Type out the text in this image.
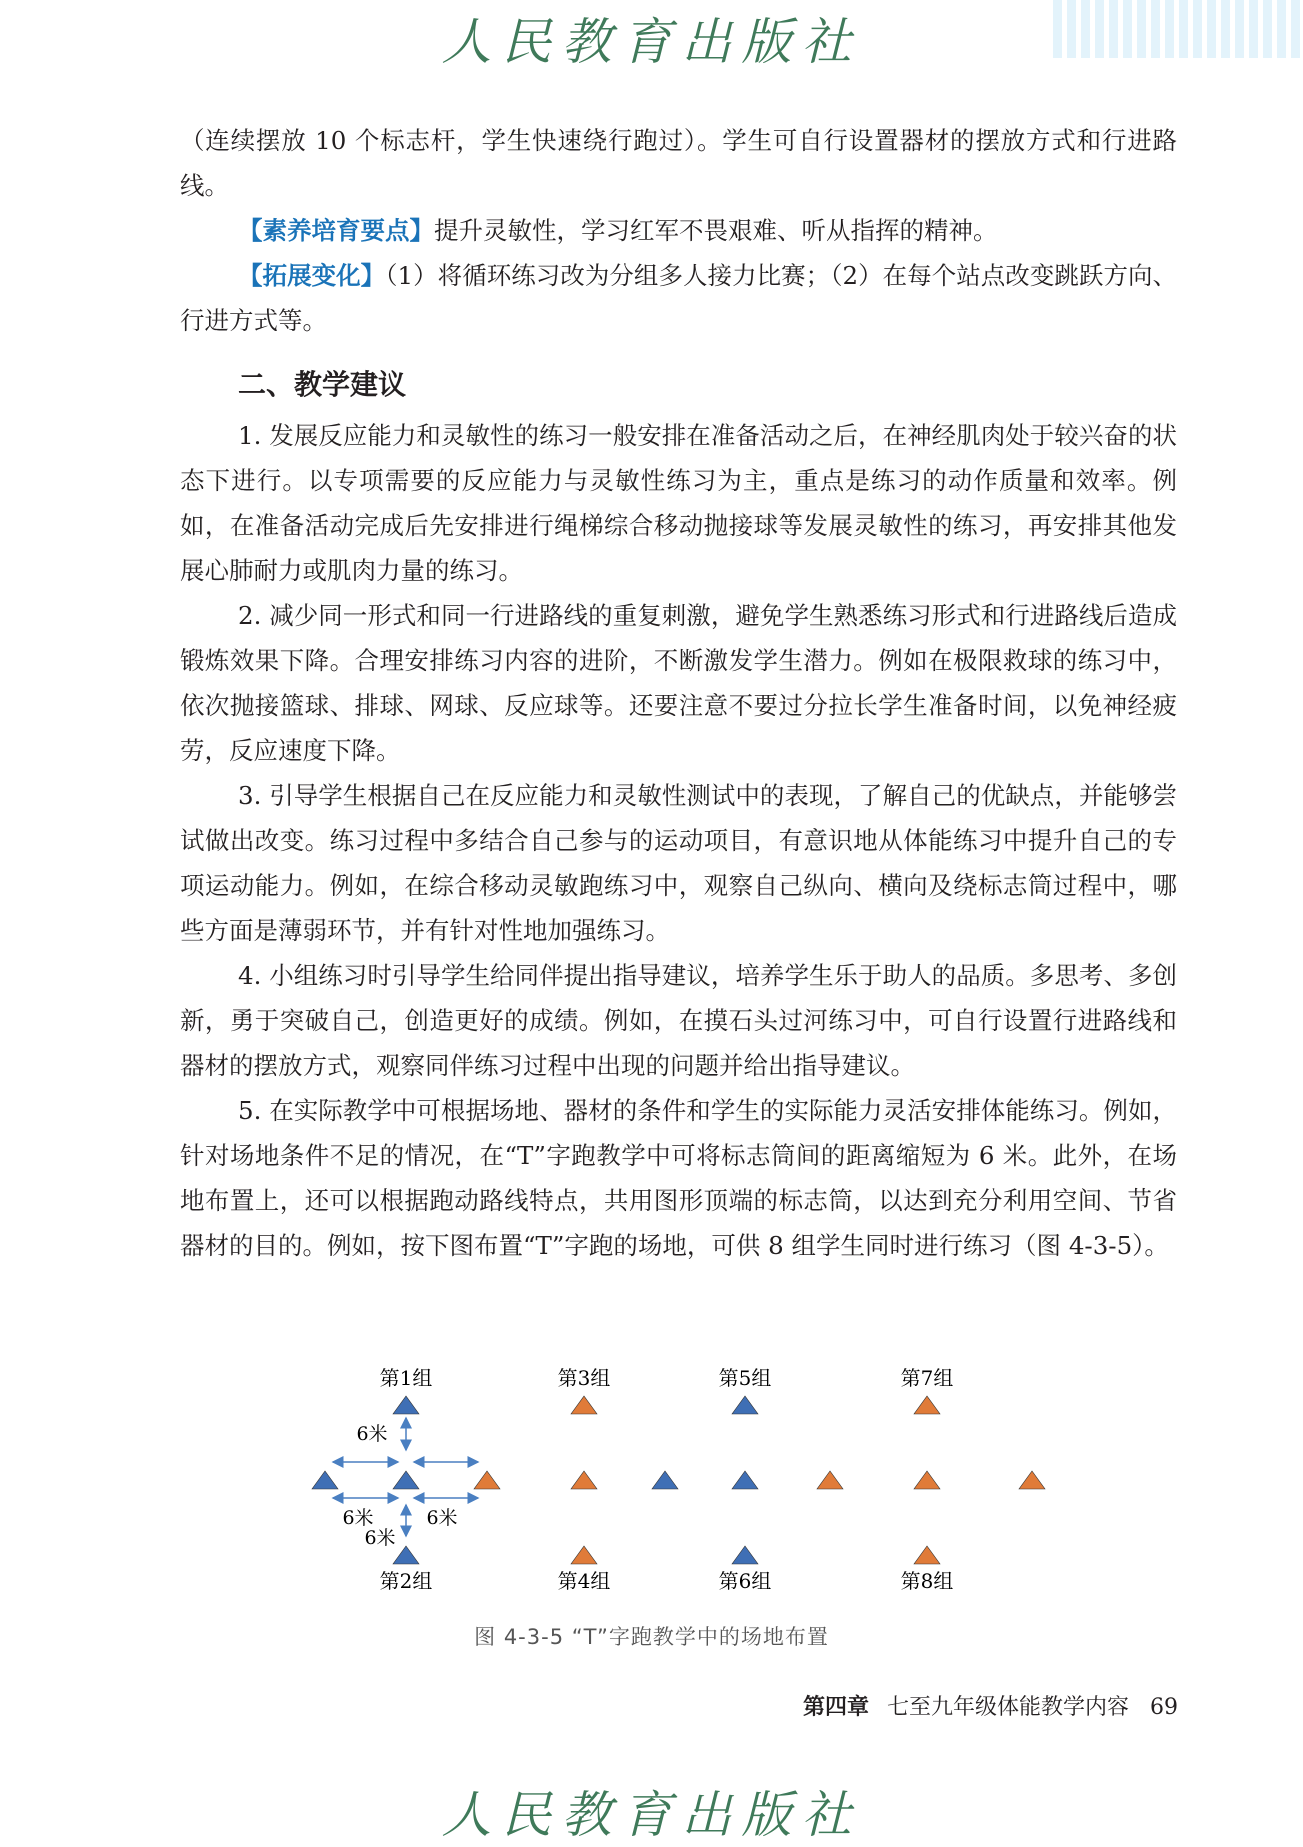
人民教育出版社

（连续摆放 10 个标志杆，学生快速绕行跑过）。学生可自行设置器材的摆放方式和行进路线。

【素养培育要点】提升灵敏性，学习红军不畏艰难、听从指挥的精神。

【拓展变化】（1）将循环练习改为分组多人接力比赛；（2）在每个站点改变跳跃方向、行进方式等。

二、教学建议

1. 发展反应能力和灵敏性的练习一般安排在准备活动之后，在神经肌肉处于较兴奋的状态下进行。以专项需要的反应能力与灵敏性练习为主，重点是练习的动作质量和效率。例如，在准备活动完成后先安排进行绳梯综合移动抛接球等发展灵敏性的练习，再安排其他发展心肺耐力或肌肉力量的练习。

2. 减少同一形式和同一行进路线的重复刺激，避免学生熟悉练习形式和行进路线后造成锻炼效果下降。合理安排练习内容的进阶，不断激发学生潜力。例如在极限救球的练习中，依次抛接篮球、排球、网球、反应球等。还要注意不要过分拉长学生准备时间，以免神经疲劳，反应速度下降。

3. 引导学生根据自己在反应能力和灵敏性测试中的表现，了解自己的优缺点，并能够尝试做出改变。练习过程中多结合自己参与的运动项目，有意识地从体能练习中提升自己的专项运动能力。例如，在综合移动灵敏跑练习中，观察自己纵向、横向及绕标志筒过程中，哪些方面是薄弱环节，并有针对性地加强练习。

4. 小组练习时引导学生给同伴提出指导建议，培养学生乐于助人的品质。多思考、多创新，勇于突破自己，创造更好的成绩。例如，在摸石头过河练习中，可自行设置行进路线和器材的摆放方式，观察同伴练习过程中出现的问题并给出指导建议。

5. 在实际教学中可根据场地、器材的条件和学生的实际能力灵活安排体能练习。例如，针对场地条件不足的情况，在“T”字跑教学中可将标志筒间的距离缩短为 6 米。此外，在场地布置上，还可以根据跑动路线特点，共用图形顶端的标志筒，以达到充分利用空间、节省器材的目的。例如，按下图布置“T”字跑的场地，可供 8 组学生同时进行练习（图 4-3-5）。

第1组	第3组	第5组	第7组
第2组	第4组	第6组	第8组
6米
6米	6米
6米
图 4-3-5 “T”字跑教学中的场地布置
第四章 七至九年级体能教学内容 69
人民教育出版社
